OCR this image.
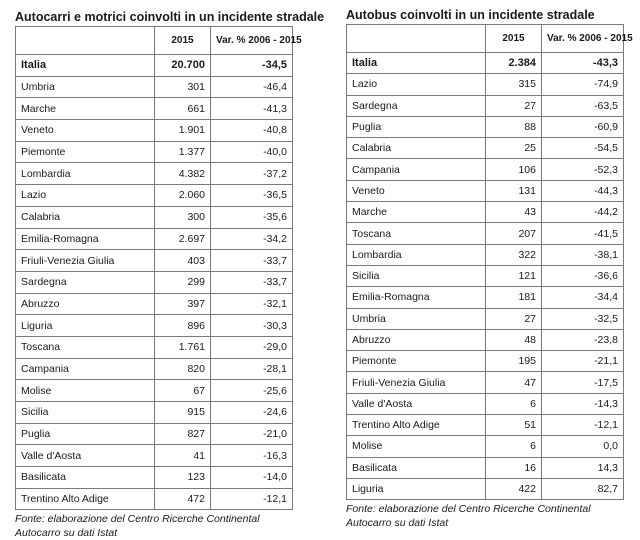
Autocarri e motrici coinvolti in un incidente stradale
	2015	Var. % 2006 - 2015
Italia	20.700	-34,5
Umbria	301	-46,4
Marche	661	-41,3
Veneto	1.901	-40,8
Piemonte	1.377	-40,0
Lombardia	4.382	-37,2
Lazio	2.060	-36,5
Calabria	300	-35,6
Emilia-Romagna	2.697	-34,2
Friuli-Venezia Giulia	403	-33,7
Sardegna	299	-33,7
Abruzzo	397	-32,1
Liguria	896	-30,3
Toscana	1.761	-29,0
Campania	820	-28,1
Molise	67	-25,6
Sicilia	915	-24,6
Puglia	827	-21,0
Valle d'Aosta	41	-16,3
Basilicata	123	-14,0
Trentino Alto Adige	472	-12,1
Fonte: elaborazione del Centro Ricerche Continental Autocarro su dati Istat
Autobus coinvolti in un incidente stradale
	2015	Var. % 2006 - 2015
Italia	2.384	-43,3
Lazio	315	-74,9
Sardegna	27	-63,5
Puglia	88	-60,9
Calabria	25	-54,5
Campania	106	-52,3
Veneto	131	-44,3
Marche	43	-44,2
Toscana	207	-41,5
Lombardia	322	-38,1
Sicilia	121	-36,6
Emilia-Romagna	181	-34,4
Umbria	27	-32,5
Abruzzo	48	-23,8
Piemonte	195	-21,1
Friuli-Venezia Giulia	47	-17,5
Valle d'Aosta	6	-14,3
Trentino Alto Adige	51	-12,1
Molise	6	0,0
Basilicata	16	14,3
Liguria	422	82,7
Fonte: elaborazione del Centro Ricerche Continental Autocarro su dati Istat
